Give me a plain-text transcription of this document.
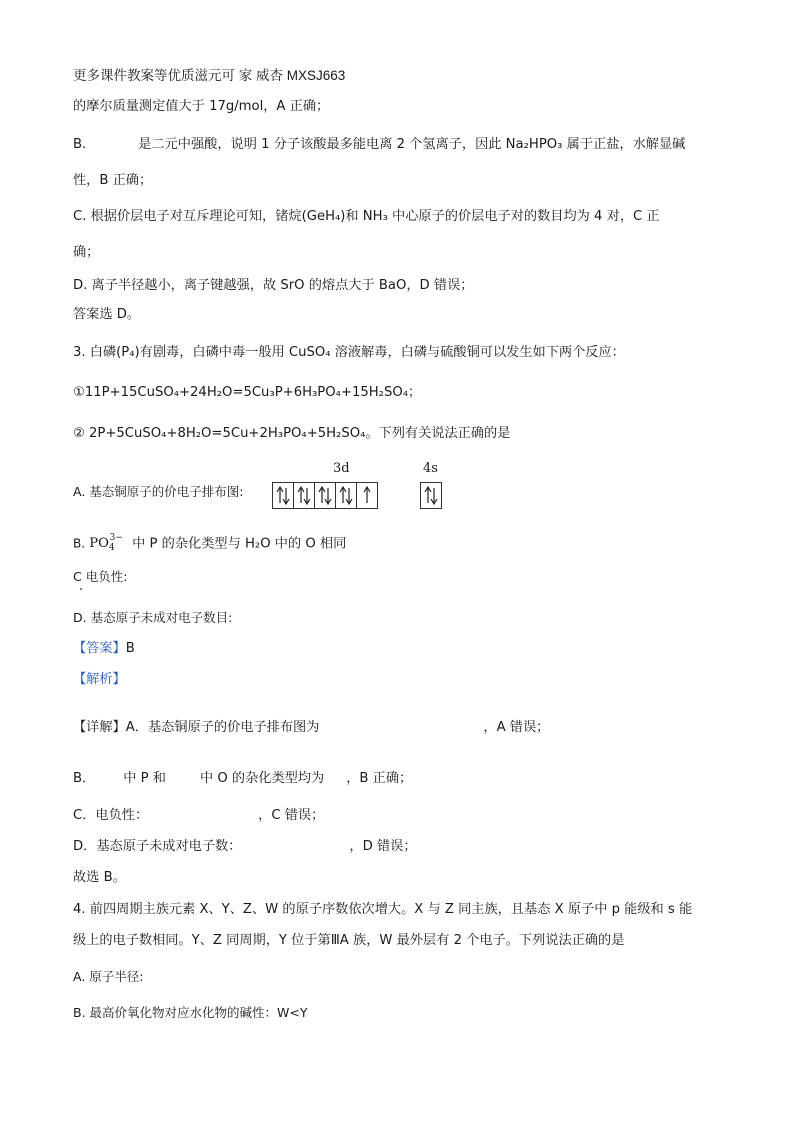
更多课件教案等优质滋元可 家 威杏 MXSJ663
的摩尔质量测定值大于 17g/mol，A 正确；
B.	是二元中强酸，说明 1 分子该酸最多能电离 2 个氢离子，因此 Na₂HPO₃ 属于正盐，水解显碱
性，B 正确；
C. 根据价层电子对互斥理论可知，锗烷(GeH₄)和 NH₃ 中心原子的价层电子对的数目均为 4 对，C 正
确；
D. 离子半径越小，离子键越强，故 SrO 的熔点大于 BaO，D 错误；
答案选 D。
3. 白磷(P₄)有剧毒，白磷中毒一般用 CuSO₄ 溶液解毒，白磷与硫酸铜可以发生如下两个反应：
①11P+15CuSO₄+24H₂O=5Cu₃P+6H₃PO₄+15H₂SO₄；
② 2P+5CuSO₄+8H₂O=5Cu+2H₃PO₄+5H₂SO₄。下列有关说法正确的是
A. 基态铜原子的价电子排布图:
3d	4s
B. $PO_4^{3-}$ 中 P 的杂化类型与 H₂O 中的 O 相同
C 电负性:
D. 基态原子未成对电子数目:
【答案】B
【解析】
【详解】A．基态铜原子的价电子排布图为	，A 错误；
B． 中 P 和	中 O 的杂化类型均为 ，B 正确；
C．电负性：	，C 错误；
D．基态原子未成对电子数：	，D 错误；
故选 B。
4. 前四周期主族元素 X、Y、Z、W 的原子序数依次增大。X 与 Z 同主族，且基态 X 原子中 p 能级和 s 能
级上的电子数相同。Y、Z 同周期，Y 位于第ⅢA 族，W 最外层有 2 个电子。下列说法正确的是
A. 原子半径:
B. 最高价氧化物对应水化物的碱性：W<Y
